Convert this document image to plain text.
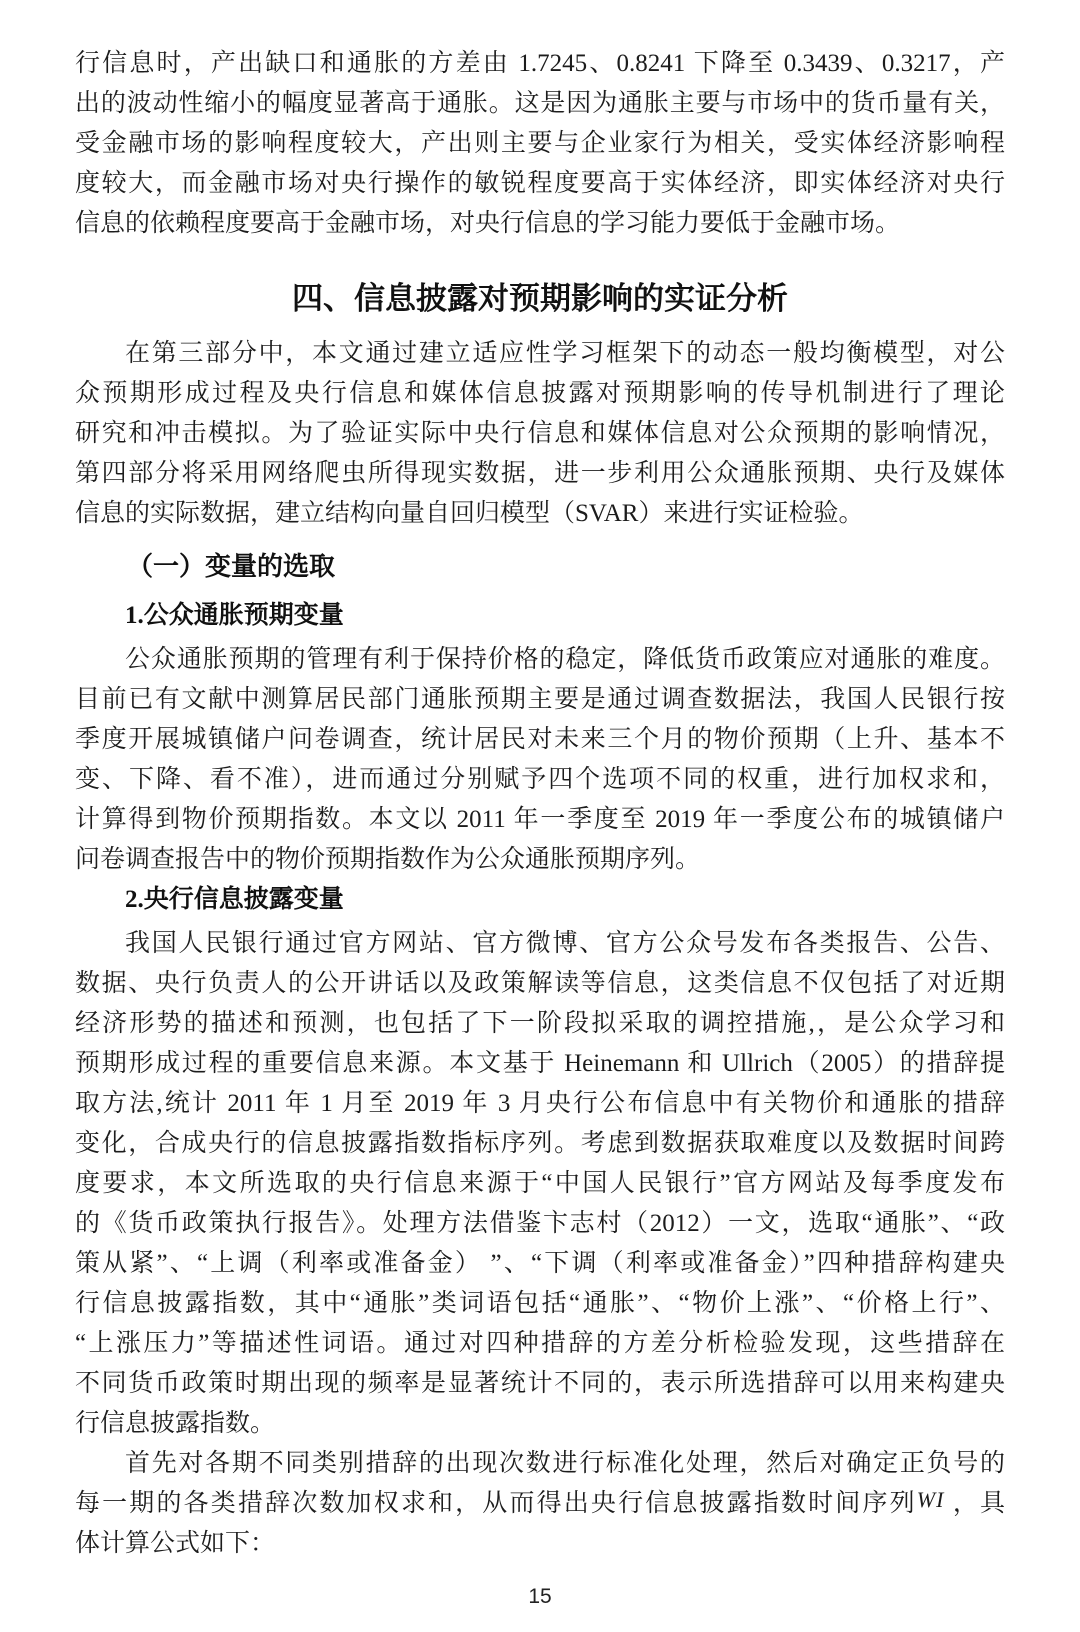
行信息时，产出缺口和通胀的方差由 1.7245、0.8241 下降至 0.3439、0.3217，产
出的波动性缩小的幅度显著高于通胀。这是因为通胀主要与市场中的货币量有关，
受金融市场的影响程度较大，产出则主要与企业家行为相关，受实体经济影响程
度较大，而金融市场对央行操作的敏锐程度要高于实体经济，即实体经济对央行
信息的依赖程度要高于金融市场，对央行信息的学习能力要低于金融市场。
四、信息披露对预期影响的实证分析
在第三部分中，本文通过建立适应性学习框架下的动态一般均衡模型，对公
众预期形成过程及央行信息和媒体信息披露对预期影响的传导机制进行了理论
研究和冲击模拟。为了验证实际中央行信息和媒体信息对公众预期的影响情况，
第四部分将采用网络爬虫所得现实数据，进一步利用公众通胀预期、央行及媒体
信息的实际数据，建立结构向量自回归模型（SVAR）来进行实证检验。
（一）变量的选取
1.公众通胀预期变量
公众通胀预期的管理有利于保持价格的稳定，降低货币政策应对通胀的难度。
目前已有文献中测算居民部门通胀预期主要是通过调查数据法，我国人民银行按
季度开展城镇储户问卷调查，统计居民对未来三个月的物价预期（上升、基本不
变、下降、看不准），进而通过分别赋予四个选项不同的权重，进行加权求和，
计算得到物价预期指数。本文以 2011 年一季度至 2019 年一季度公布的城镇储户
问卷调查报告中的物价预期指数作为公众通胀预期序列。
2.央行信息披露变量
我国人民银行通过官方网站、官方微博、官方公众号发布各类报告、公告、
数据、央行负责人的公开讲话以及政策解读等信息，这类信息不仅包括了对近期
经济形势的描述和预测，也包括了下一阶段拟采取的调控措施,，是公众学习和
预期形成过程的重要信息来源。本文基于 Heinemann 和 Ullrich（2005）的措辞提
取方法,统计 2011 年 1 月至 2019 年 3 月央行公布信息中有关物价和通胀的措辞
变化，合成央行的信息披露指数指标序列。考虑到数据获取难度以及数据时间跨
度要求，本文所选取的央行信息来源于“中国人民银行”官方网站及每季度发布
的《货币政策执行报告》。处理方法借鉴卞志村（2012）一文，选取“通胀”、“政
策从紧”、“上调（利率或准备金） ”、“下调（利率或准备金）”四种措辞构建央
行信息披露指数，其中“通胀”类词语包括“通胀”、“物价上涨”、“价格上行”、
“上涨压力”等描述性词语。通过对四种措辞的方差分析检验发现，这些措辞在
不同货币政策时期出现的频率是显著统计不同的，表示所选措辞可以用来构建央
行信息披露指数。
首先对各期不同类别措辞的出现次数进行标准化处理，然后对确定正负号的
每一期的各类措辞次数加权求和，从而得出央行信息披露指数时间序列WI ，具
体计算公式如下：
15
